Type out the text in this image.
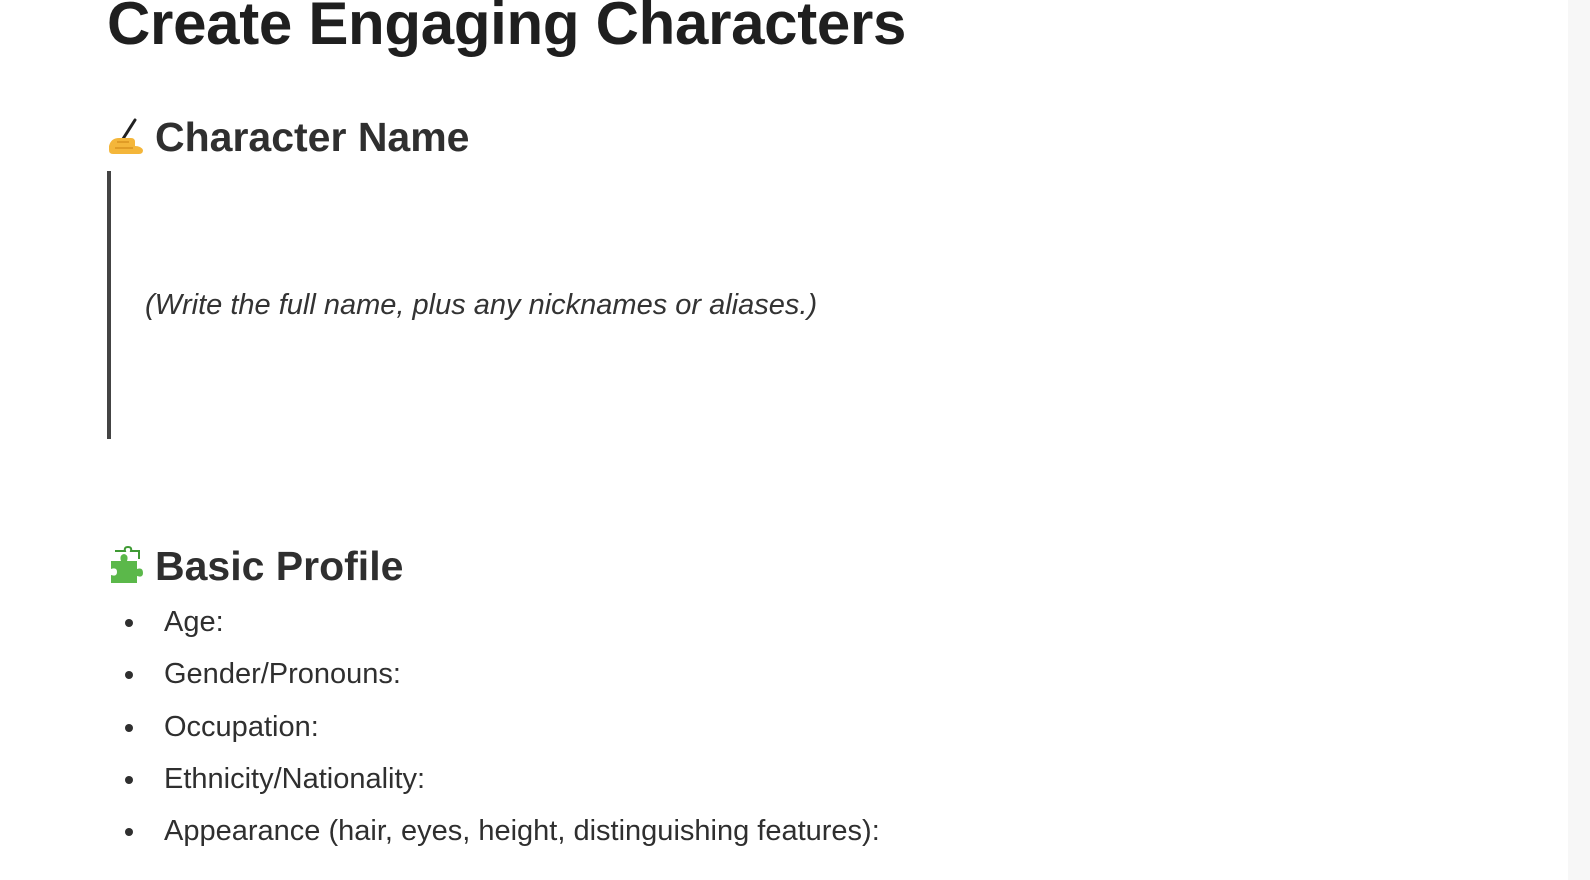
Create Engaging Characters
Character Name

(Write the full name, plus any nicknames or aliases.)

Basic Profile
Age:
Gender/Pronouns:
Occupation:
Ethnicity/Nationality:
Appearance (hair, eyes, height, distinguishing features):
